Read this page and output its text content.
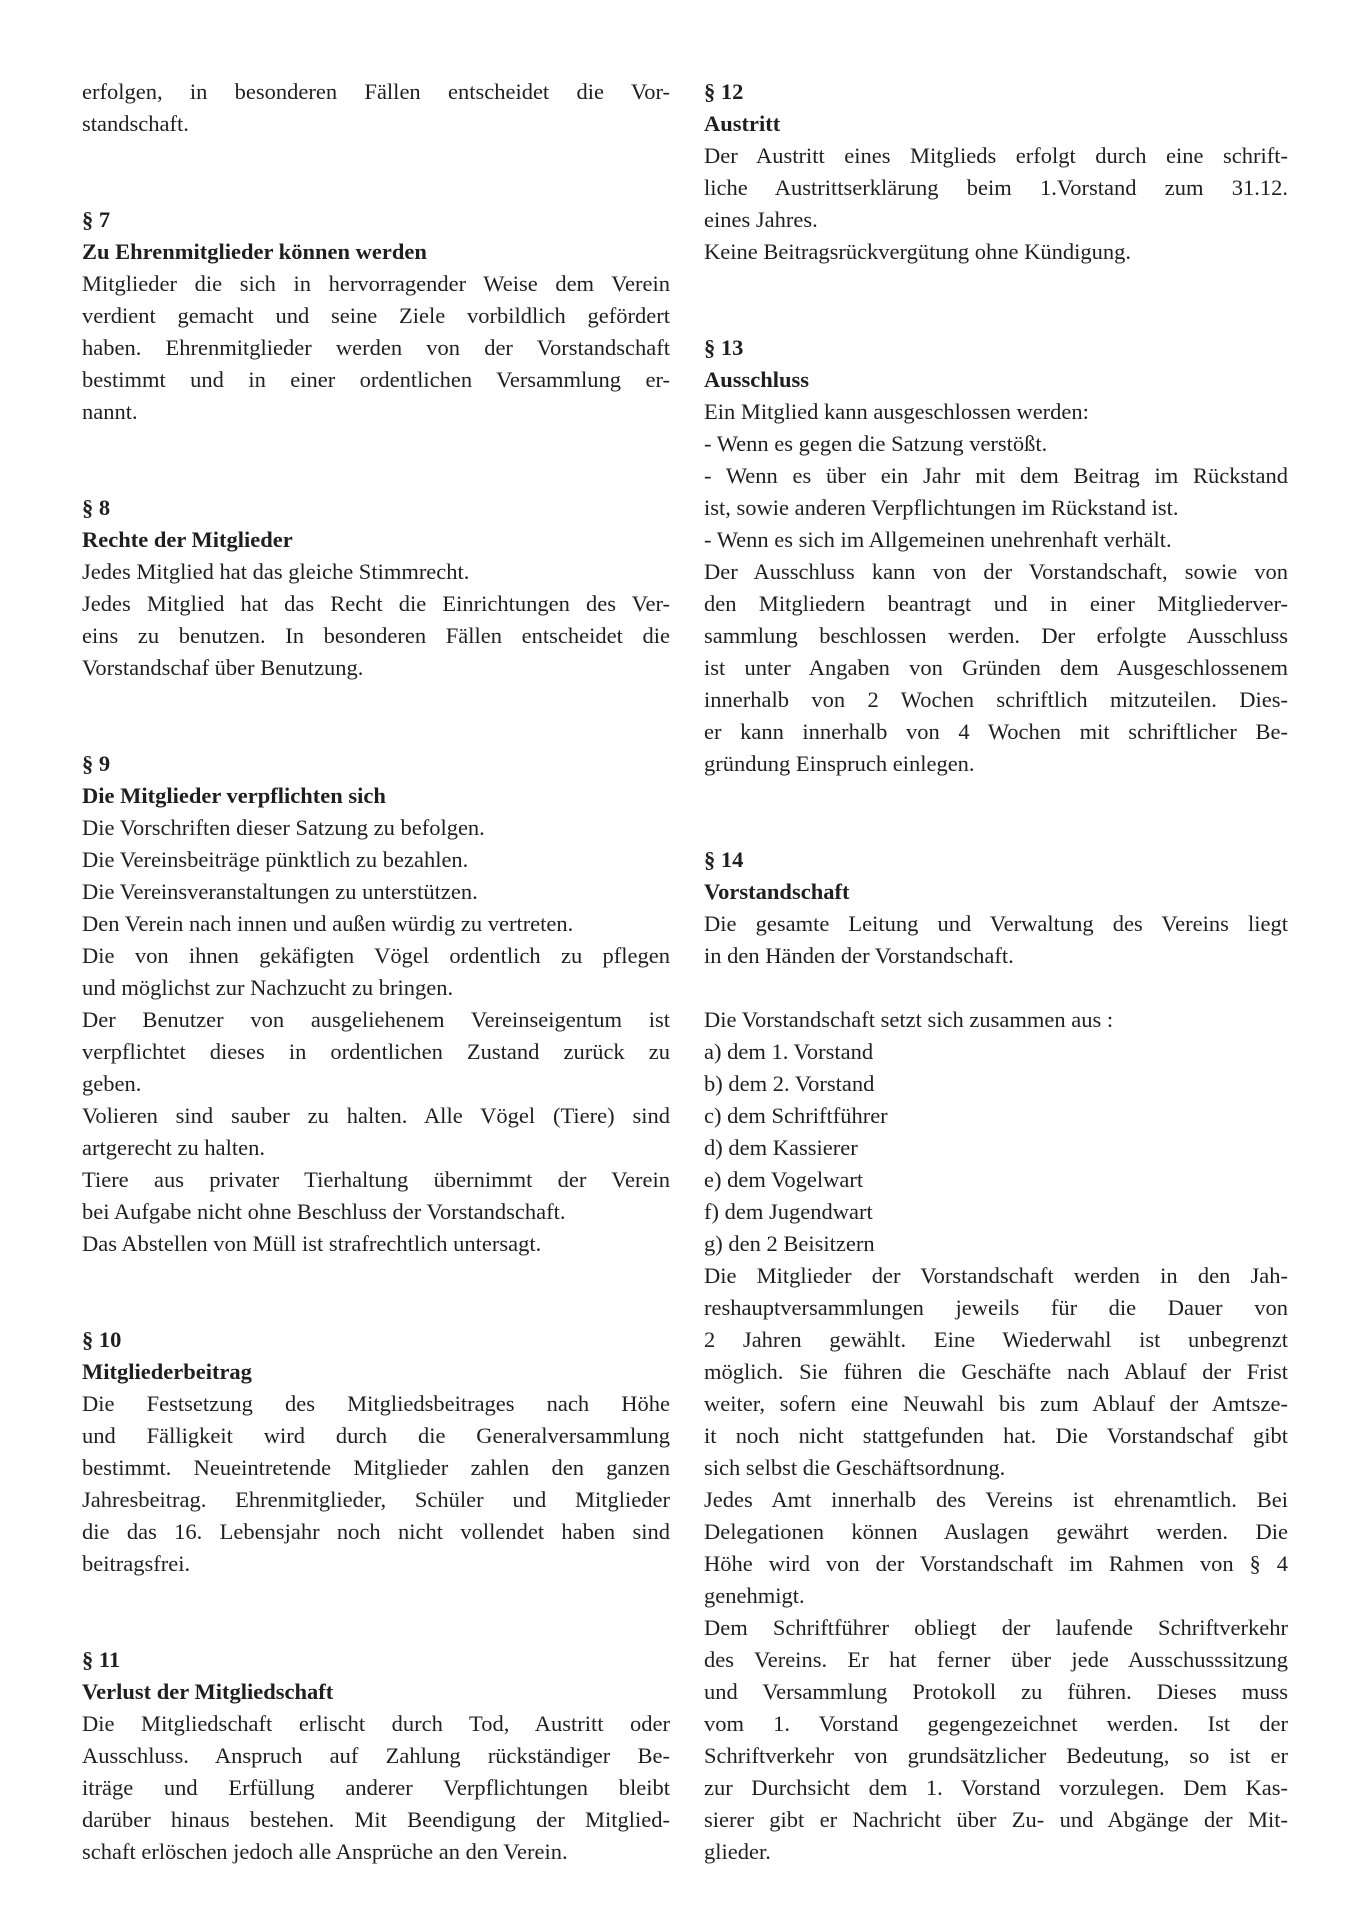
erfolgen, in besonderen Fällen entscheidet die Vor-
standschaft.
§ 7
Zu Ehrenmitglieder können werden
Mitglieder die sich in hervorragender Weise dem Verein
verdient gemacht und seine Ziele vorbildlich gefördert
haben. Ehrenmitglieder werden von der Vorstandschaft
bestimmt und in einer ordentlichen Versammlung er-
nannt.
§ 8
Rechte der Mitglieder
Jedes Mitglied hat das gleiche Stimmrecht.
Jedes Mitglied hat das Recht die Einrichtungen des Ver-
eins zu benutzen. In besonderen Fällen entscheidet die
Vorstandschaf über Benutzung.
§ 9
Die Mitglieder verpflichten sich
Die Vorschriften dieser Satzung zu befolgen.
Die Vereinsbeiträge pünktlich zu bezahlen.
Die Vereinsveranstaltungen zu unterstützen.
Den Verein nach innen und außen würdig zu vertreten.
Die von ihnen gekäfigten Vögel ordentlich zu pflegen
und möglichst zur Nachzucht zu bringen.
Der Benutzer von ausgeliehenem Vereinseigentum ist
verpflichtet dieses in ordentlichen Zustand zurück zu
geben.
Volieren sind sauber zu halten. Alle Vögel (Tiere) sind
artgerecht zu halten.
Tiere aus privater Tierhaltung übernimmt der Verein
bei Aufgabe nicht ohne Beschluss der Vorstandschaft.
Das Abstellen von Müll ist strafrechtlich untersagt.
§ 10
Mitgliederbeitrag
Die Festsetzung des Mitgliedsbeitrages nach Höhe
und Fälligkeit wird durch die Generalversammlung
bestimmt. Neueintretende Mitglieder zahlen den ganzen
Jahresbeitrag. Ehrenmitglieder, Schüler und Mitglieder
die das 16. Lebensjahr noch nicht vollendet haben sind
beitragsfrei.
§ 11
Verlust der Mitgliedschaft
Die Mitgliedschaft erlischt durch Tod, Austritt oder
Ausschluss. Anspruch auf Zahlung rückständiger Be-
iträge und Erfüllung anderer Verpflichtungen bleibt
darüber hinaus bestehen. Mit Beendigung der Mitglied-
schaft erlöschen jedoch alle Ansprüche an den Verein.
§ 12
Austritt
Der Austritt eines Mitglieds erfolgt durch eine schrift-
liche Austrittserklärung beim 1.Vorstand zum 31.12.
eines Jahres.
Keine Beitragsrückvergütung ohne Kündigung.
§ 13
Ausschluss
Ein Mitglied kann ausgeschlossen werden:
- Wenn es gegen die Satzung verstößt.
- Wenn es über ein Jahr mit dem Beitrag im Rückstand
ist, sowie anderen Verpflichtungen im Rückstand ist.
- Wenn es sich im Allgemeinen unehrenhaft verhält.
Der Ausschluss kann von der Vorstandschaft, sowie von
den Mitgliedern beantragt und in einer Mitgliederver-
sammlung beschlossen werden. Der erfolgte Ausschluss
ist unter Angaben von Gründen dem Ausgeschlossenem
innerhalb von 2 Wochen schriftlich mitzuteilen. Dies-
er kann innerhalb von 4 Wochen mit schriftlicher Be-
gründung Einspruch einlegen.
§ 14
Vorstandschaft
Die gesamte Leitung und Verwaltung des Vereins liegt
in den Händen der Vorstandschaft.
Die Vorstandschaft setzt sich zusammen aus :
a) dem 1. Vorstand
b) dem 2. Vorstand
c) dem Schriftführer
d) dem Kassierer
e) dem Vogelwart
f) dem Jugendwart
g) den 2 Beisitzern
Die Mitglieder der Vorstandschaft werden in den Jah-
reshauptversammlungen jeweils für die Dauer von
2 Jahren gewählt. Eine Wiederwahl ist unbegrenzt
möglich. Sie führen die Geschäfte nach Ablauf der Frist
weiter, sofern eine Neuwahl bis zum Ablauf der Amtsze-
it noch nicht stattgefunden hat. Die Vorstandschaf gibt
sich selbst die Geschäftsordnung.
Jedes Amt innerhalb des Vereins ist ehrenamtlich. Bei
Delegationen können Auslagen gewährt werden. Die
Höhe wird von der Vorstandschaft im Rahmen von § 4
genehmigt.
Dem Schriftführer obliegt der laufende Schriftverkehr
des Vereins. Er hat ferner über jede Ausschusssitzung
und Versammlung Protokoll zu führen. Dieses muss
vom 1. Vorstand gegengezeichnet werden. Ist der
Schriftverkehr von grundsätzlicher Bedeutung, so ist er
zur Durchsicht dem 1. Vorstand vorzulegen. Dem Kas-
sierer gibt er Nachricht über Zu- und Abgänge der Mit-
glieder.
